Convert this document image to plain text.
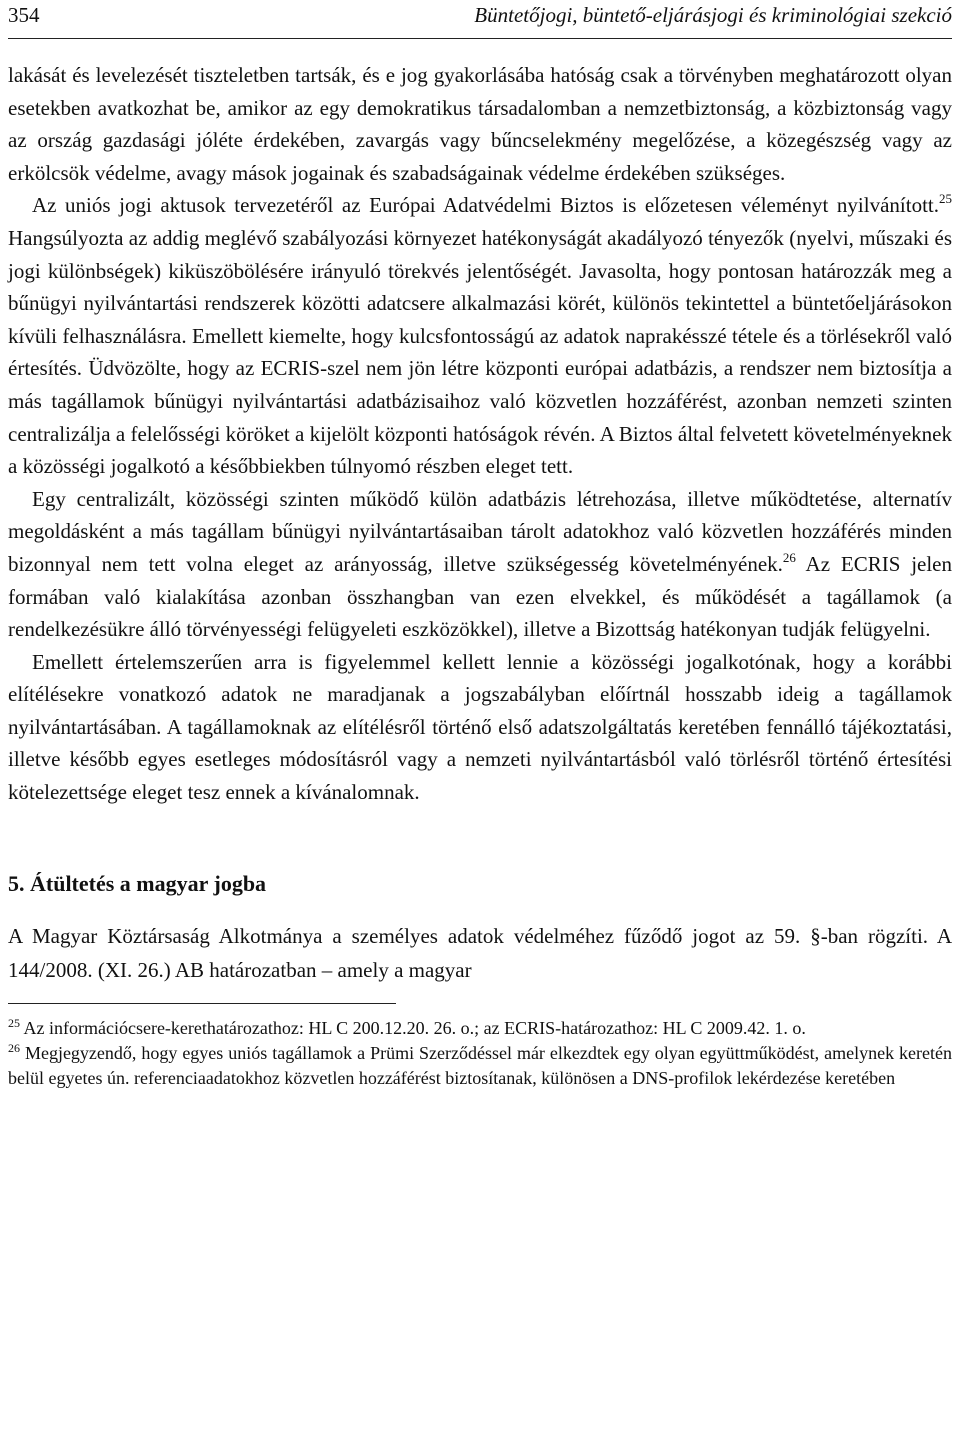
354	Büntetőjogi, büntető-eljárásjogi és kriminológiai szekció

lakását és levelezését tiszteletben tartsák, és e jog gyakorlásába hatóság csak a törvényben meghatározott olyan esetekben avatkozhat be, amikor az egy demokratikus társadalomban a nemzetbiztonság, a közbiztonság vagy az ország gazdasági jóléte érdekében, zavargás vagy bűncselekmény megelőzése, a közegészség vagy az erkölcsök védelme, avagy mások jogainak és szabadságainak védelme érdekében szükséges.

Az uniós jogi aktusok tervezetéről az Európai Adatvédelmi Biztos is előzetesen véleményt nyilvánított.$^{25}$ Hangsúlyozta az addig meglévő szabályozási környezet hatékonyságát akadályozó tényezők (nyelvi, műszaki és jogi különbségek) kiküszöbölésére irányuló törekvés jelentőségét. Javasolta, hogy pontosan határozzák meg a bűnügyi nyilvántartási rendszerek közötti adatcsere alkalmazási körét, különös tekintettel a büntetőeljárásokon kívüli felhasználásra. Emellett kiemelte, hogy kulcsfontosságú az adatok naprakésszé tétele és a törlésekről való értesítés. Üdvözölte, hogy az ECRIS-szel nem jön létre központi európai adatbázis, a rendszer nem biztosítja a más tagállamok bűnügyi nyilvántartási adatbázisaihoz való közvetlen hozzáférést, azonban nemzeti szinten centralizálja a felelősségi köröket a kijelölt központi hatóságok révén. A Biztos által felvetett követelményeknek a közösségi jogalkotó a későbbiekben túlnyomó részben eleget tett.

Egy centralizált, közösségi szinten működő külön adatbázis létrehozása, illetve működtetése, alternatív megoldásként a más tagállam bűnügyi nyilvántartásaiban tárolt adatokhoz való közvetlen hozzáférés minden bizonnyal nem tett volna eleget az arányosság, illetve szükségesség követelményének.$^{26}$ Az ECRIS jelen formában való kialakítása azonban összhangban van ezen elvekkel, és működését a tagállamok (a rendelkezésükre álló törvényességi felügyeleti eszközökkel), illetve a Bizottság hatékonyan tudják felügyelni.

Emellett értelemszerűen arra is figyelemmel kellett lennie a közösségi jogalkotónak, hogy a korábbi elítélésekre vonatkozó adatok ne maradjanak a jogszabályban előírtnál hosszabb ideig a tagállamok nyilvántartásában. A tagállamoknak az elítélésről történő első adatszolgáltatás keretében fennálló tájékoztatási, illetve később egyes esetleges módosításról vagy a nemzeti nyilvántartásból való törlésről történő értesítési kötelezettsége eleget tesz ennek a kívánalomnak.

5. Átültetés a magyar jogba

A Magyar Köztársaság Alkotmánya a személyes adatok védelméhez fűződő jogot az 59. §-ban rögzíti. A 144/2008. (XI. 26.) AB határozatban – amely a magyar

$^{25}$ Az információcsere-kerethatározathoz: HL C 200.12.20. 26. o.; az ECRIS-határozathoz: HL C 2009.42. 1. o.

$^{26}$ Megjegyzendő, hogy egyes uniós tagállamok a Prümi Szerződéssel már elkezdtek egy olyan együttműködést, amelynek keretén belül egyetes ún. referenciaadatokhoz közvetlen hozzáférést biztosítanak, különösen a DNS-profilok lekérdezése keretében
